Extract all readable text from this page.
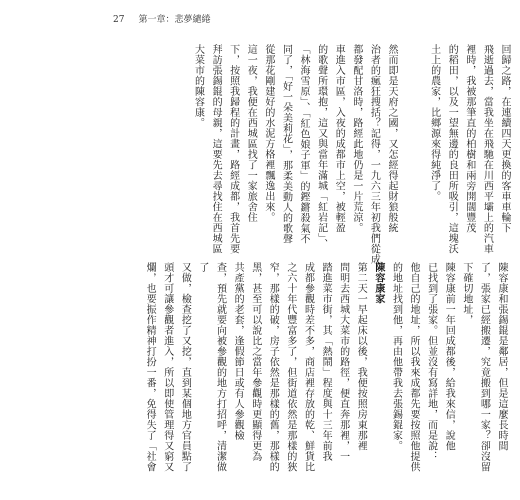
27 第一章：悲夢繾綣

回歸之路，在連續四天更換的客車車輪下

飛逝過去，當我坐在飛馳在川西平壩上的汽車

裡時，我被那筆直的柏樹和兩旁開闊豐茂

的稻田，以及一望無邊的良田所吸引，這塊沃

土上的農家，比鄉源來得純淨了。

然而即是天府之國，又怎經得起財狼般統

治者的瘋狂搜括？記得，一九六三年初我們從成

都發配甘洛時，路經此地仍是一片荒涼。

車進入市區，入夜的成都市上空，被輕盈

的歌聲所環抱，這又與當年滿城「紅岩記」、

「林海雪原」、「紅色娘子軍」的鏗鏘殺氣不

同了，「好一朵美莉花」，那柔美動人的歌聲

從那花剛建好的水泥方格裡飄逸出來。

這一夜，我便在西城區找了一家旅舍住

下，按照我歸程的計畫，路經成都，我首先要

拜訪張錫錕的母親，這要先去尋找住在西城區

大菜市的陳容康。

陳容康和張錫錕是鄰居，但是這麼長時間

了，張家已經搬遷，究竟搬到哪一家？卻沒留

下確切地址，

陳容康前一年回成都後，給我來信，說他

已找到了張家。但並沒有寫詳地，而是說：

他自己的地址，所以我來成都先要按照他提供

的地址找到他，再由他帶我去張錫錕家。

陳容康家

第二天一早起床以後，我便按照房東那裡

問明去西城大菜市的路徑，便直奔那裡，一

踏進菜市街，其「熱鬧」程度與十三年前我

成都參觀時差不多，商店裡存放的乾、鮮貨比

之六十年代豐富多了，但街道依然是那樣的狹

窄，那樣的破，房子依然是那樣的舊，那樣的

黑，甚至可以說比之當年參觀時更顯得更為

共產黨的老套，逢假節日或有人參觀檢

查，預先就要向被參觀的地方打招呼，清潔做了

又做，檢查挖了又挖，直到某個地方官員點了

頭才可讓參觀者進入，所以即使管理得又窮又

爛，也要振作精神打扮一番，免得失了「社會
